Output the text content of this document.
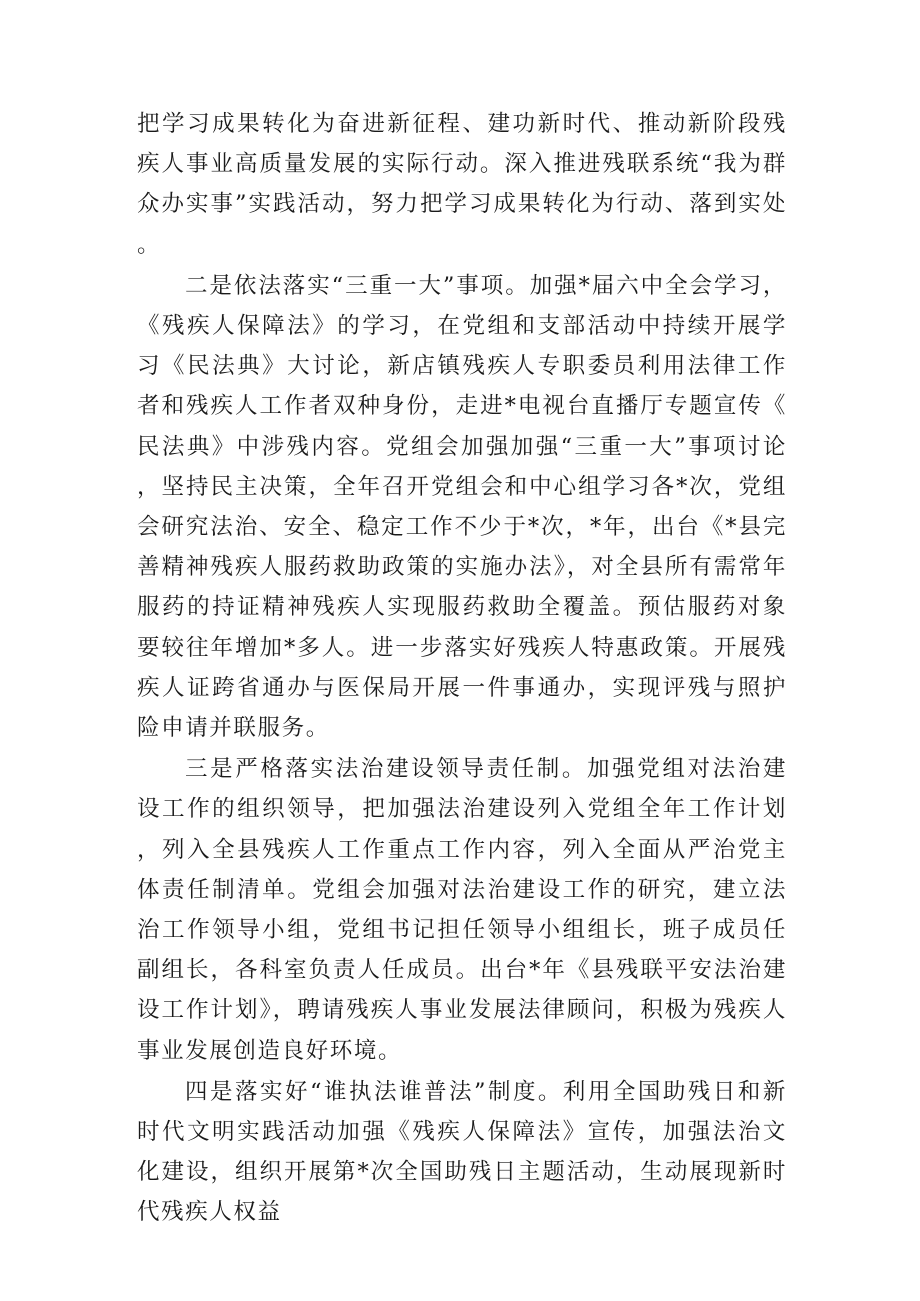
把学习成果转化为奋进新征程、建功新时代、推动新阶段残疾人事业高质量发展的实际行动。深入推进残联系统“我为群众办实事”实践活动，努力把学习成果转化为行动、落到实处。

二是依法落实“三重一大”事项。加强*届六中全会学习，《残疾人保障法》的学习，在党组和支部活动中持续开展学习《民法典》大讨论，新店镇残疾人专职委员利用法律工作者和残疾人工作者双种身份，走进*电视台直播厅专题宣传《民法典》中涉残内容。党组会加强加强“三重一大”事项讨论，坚持民主决策，全年召开党组会和中心组学习各*次，党组会研究法治、安全、稳定工作不少于*次，*年，出台《*县完善精神残疾人服药救助政策的实施办法》，对全县所有需常年服药的持证精神残疾人实现服药救助全覆盖。预估服药对象要较往年增加*多人。进一步落实好残疾人特惠政策。开展残疾人证跨省通办与医保局开展一件事通办，实现评残与照护险申请并联服务。

三是严格落实法治建设领导责任制。加强党组对法治建设工作的组织领导，把加强法治建设列入党组全年工作计划，列入全县残疾人工作重点工作内容，列入全面从严治党主体责任制清单。党组会加强对法治建设工作的研究，建立法治工作领导小组，党组书记担任领导小组组长，班子成员任副组长，各科室负责人任成员。出台*年《县残联平安法治建设工作计划》，聘请残疾人事业发展法律顾问，积极为残疾人事业发展创造良好环境。

四是落实好“谁执法谁普法”制度。利用全国助残日和新时代文明实践活动加强《残疾人保障法》宣传，加强法治文化建设，组织开展第*次全国助残日主题活动，生动展现新时代残疾人权益
